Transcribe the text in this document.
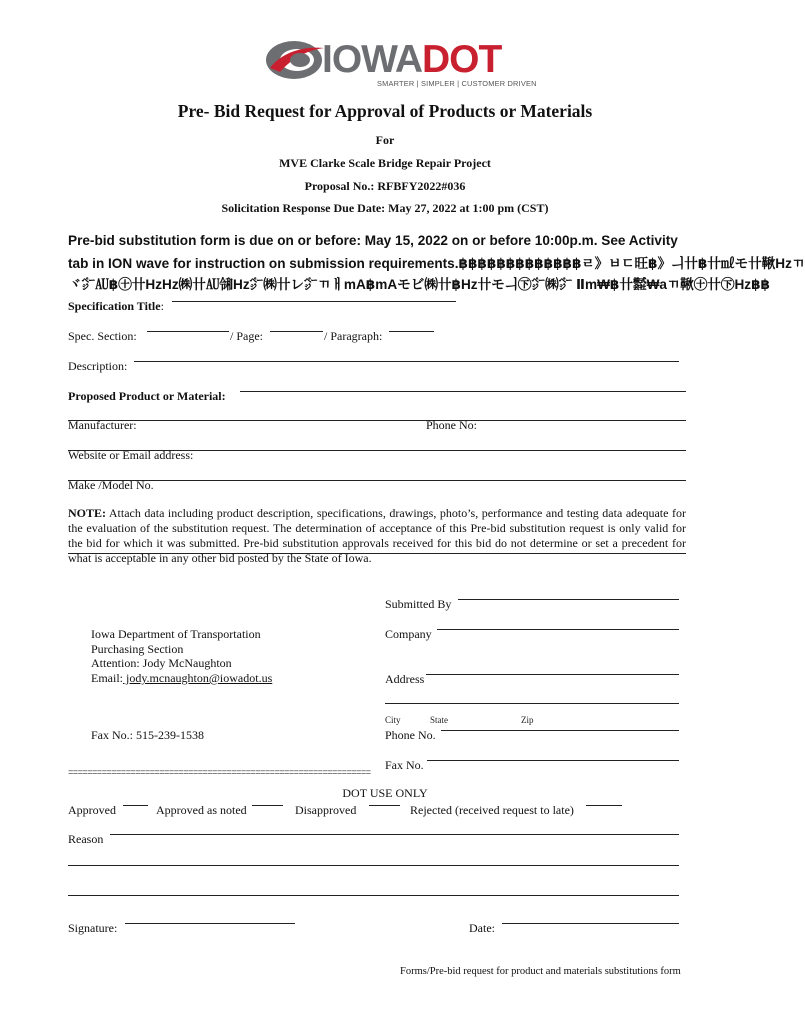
IOWADOT
SMARTER | SIMPLER | CUSTOMER DRIVEN
Pre- Bid Request for Approval of Products or Materials
For
MVE Clarke Scale Bridge Repair Project
Proposal No.: RFBFY2022#036
Solicitation Response Due Date: May 27, 2022 at 1:00 pm (CST)
Pre-bid substitution form is due on or before: May 15, 2022 on or before 10:00p.m. See Activity
tab in ION wave for instruction on submission requirements.฿฿฿฿฿฿฿฿฿฿฿฿฿ㄹ》ㅂㄷ旺฿》ㅢ卄฿卄㎖モ卄鞦Hzㄲ
ヾ㌻㍳฿㊉卄HzHz㈱卄㍳㋿Hz㌻㈱卄レ㌻ㄲㅐmA฿mAモビ㈱卄฿Hz卄モㅢ㊦㌻㈱㌻ Ⅱm₩฿卄㍿₩aㄲ鞦㊉卄㊦Hz฿฿
Specification Title:
Spec. Section:	/ Page:	/ Paragraph:
Description:
Proposed Product or Material:
Manufacturer:	Phone No:
Website or Email address:
Make /Model No.
NOTE: Attach data including product description, specifications, drawings, photo’s, performance and testing data adequate for the evaluation of the substitution request. The determination of acceptance of this Pre-bid substitution request is only valid for the bid for which it was submitted. Pre-bid substitution approvals received for this bid do not determine or set a precedent for what is acceptable in any other bid posted by the State of Iowa.
Submitted By
Iowa Department of Transportation
Purchasing Section
Attention: Jody McNaughton
Email: jody.mcnaughton@iowadot.us
Company
Address
City	State	Zip
Fax No.: 515-239-1538	Phone No.
Fax No.
===============================================================
DOT USE ONLY
Approved	Approved as noted	Disapproved	Rejected (received request to late)
Reason
Signature:	Date:
Forms/Pre-bid request for product and materials substitutions form
